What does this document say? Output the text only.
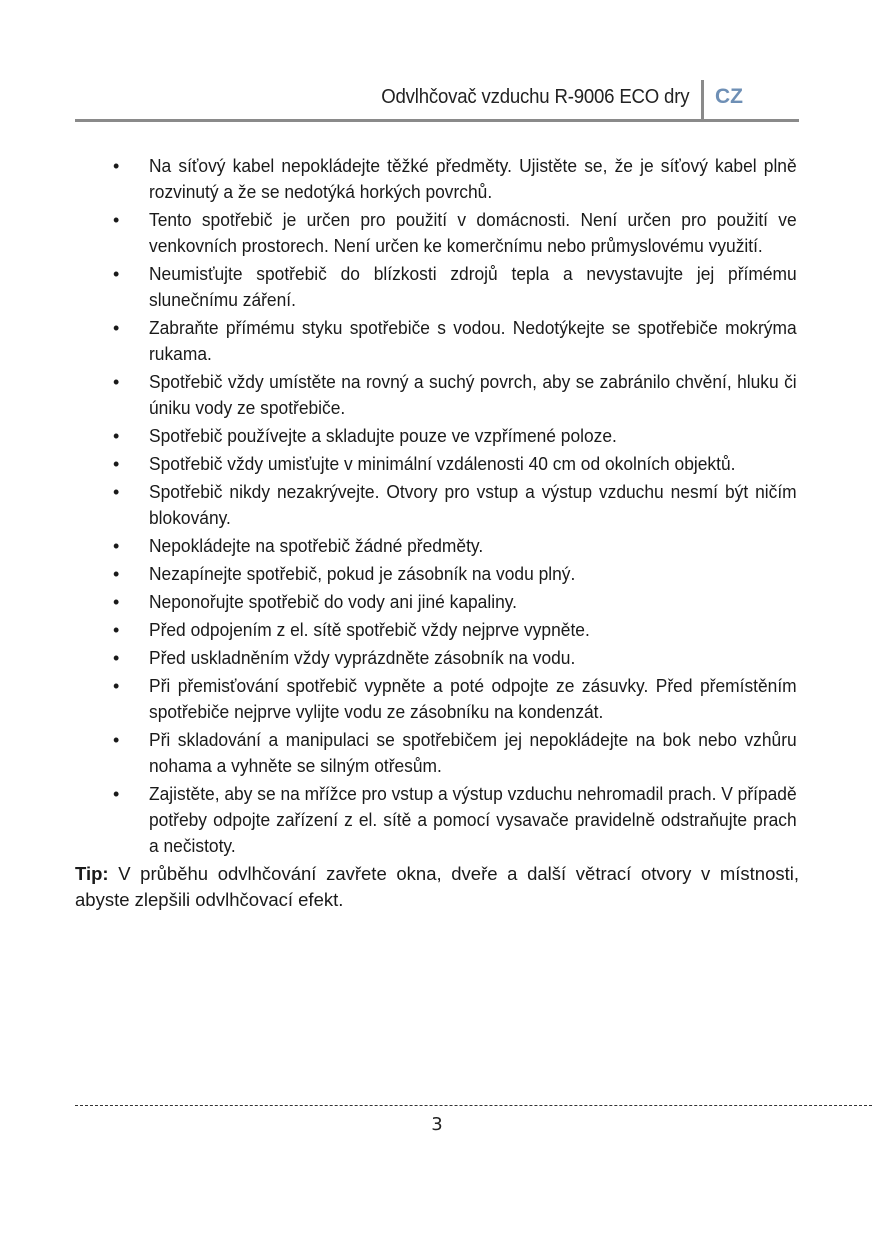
Odvlhčovač vzduchu R-9006 ECO dry CZ
• Na síťový kabel nepokládejte těžké předměty. Ujistěte se, že je síťový kabel plně rozvinutý a že se nedotýká horkých povrchů.
• Tento spotřebič je určen pro použití v domácnosti. Není určen pro použití ve venkovních prostorech. Není určen ke komerčnímu nebo průmyslovému využití.
• Neumisťujte spotřebič do blízkosti zdrojů tepla a nevystavujte jej přímému slunečnímu záření.
• Zabraňte přímému styku spotřebiče s vodou. Nedotýkejte se spotřebiče mokrýma rukama.
• Spotřebič vždy umístěte na rovný a suchý povrch, aby se zabránilo chvění, hluku či úniku vody ze spotřebiče.
• Spotřebič používejte a skladujte pouze ve vzpřímené poloze.
• Spotřebič vždy umisťujte v minimální vzdálenosti 40 cm od okolních objektů.
• Spotřebič nikdy nezakrývejte. Otvory pro vstup a výstup vzduchu nesmí být ničím blokovány.
• Nepokládejte na spotřebič žádné předměty.
• Nezapínejte spotřebič, pokud je zásobník na vodu plný.
• Neponořujte spotřebič do vody ani jiné kapaliny.
• Před odpojením z el. sítě spotřebič vždy nejprve vypněte.
• Před uskladněním vždy vyprázdněte zásobník na vodu.
• Při přemisťování spotřebič vypněte a poté odpojte ze zásuvky. Před přemístěním spotřebiče nejprve vylijte vodu ze zásobníku na kondenzát.
• Při skladování a manipulaci se spotřebičem jej nepokládejte na bok nebo vzhůru nohama a vyhněte se silným otřesům.
• Zajistěte, aby se na mřížce pro vstup a výstup vzduchu nehromadil prach. V případě potřeby odpojte zařízení z el. sítě a pomocí vysavače pravidelně odstraňujte prach a nečistoty.
Tip: V průběhu odvlhčování zavřete okna, dveře a další větrací otvory v místnosti, abyste zlepšili odvlhčovací efekt.
3
